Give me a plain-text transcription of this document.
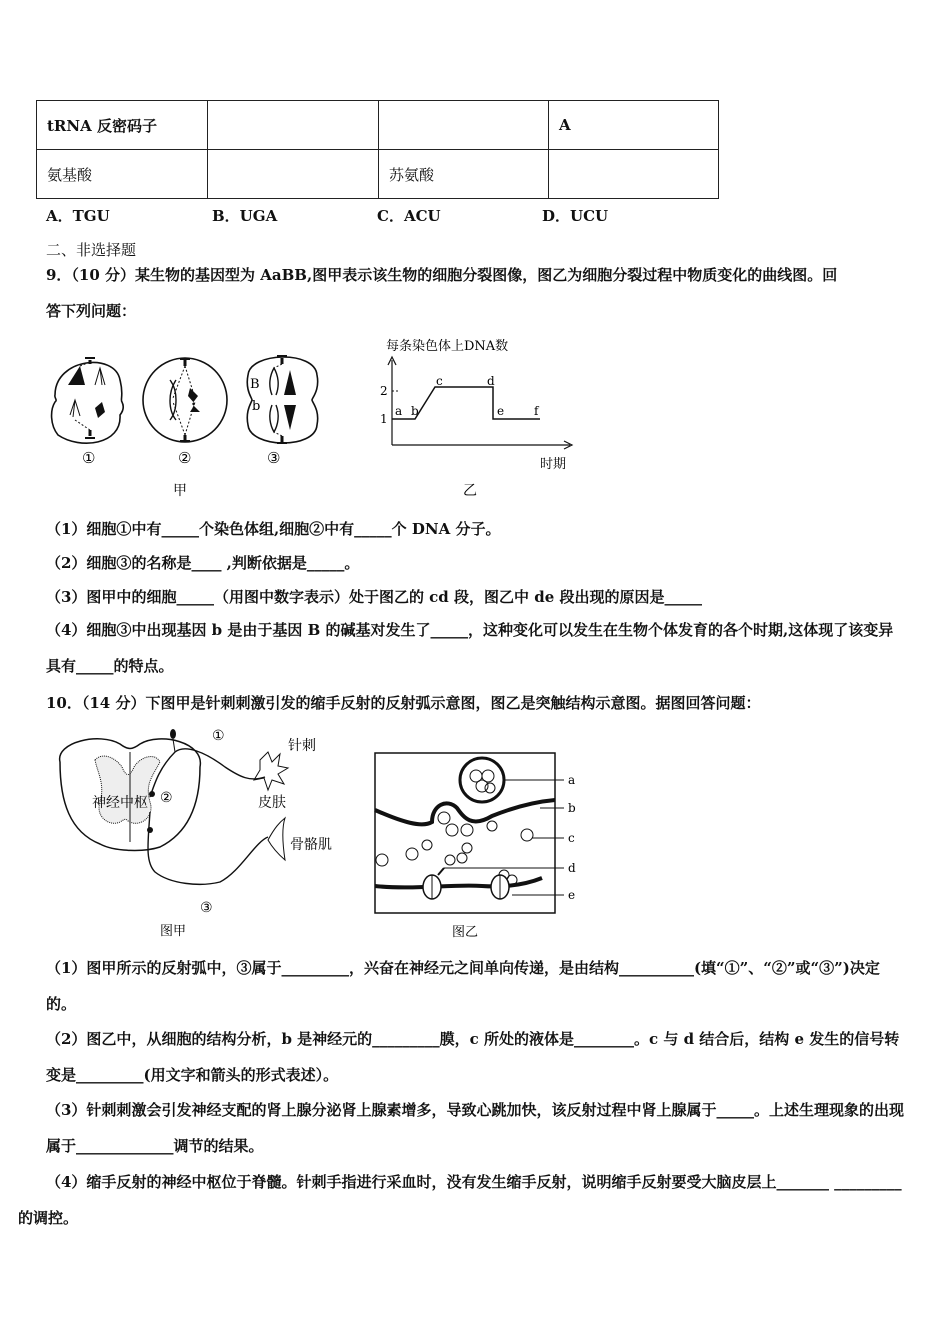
tRNA 反密码子			A
氨基酸		苏氨酸	
A．TGU	B．UGA	C．ACU	D．UCU
二、非选择题
9．（10 分）某生物的基因型为 AaBB,图甲表示该生物的细胞分裂图像，图乙为细胞分裂过程中物质变化的曲线图。回
答下列问题：
①	②
B
b
③
甲
每条染色体上DNA数
2
1
a b
c	d
e f
时期
乙
（1）细胞①中有_____个染色体组,细胞②中有_____个 DNA 分子。
（2）细胞③的名称是____ ,判断依据是_____。
（3）图甲中的细胞_____（用图中数字表示）处于图乙的 cd 段，图乙中 de 段出现的原因是_____
（4）细胞③中出现基因 b 是由于基因 B 的碱基对发生了_____，这种变化可以发生在生物个体发育的各个时期,这体现了该变异具有_____的特点。
10．（14 分）下图甲是针刺刺激引发的缩手反射的反射弧示意图，图乙是突触结构示意图。据图回答问题：
神经中枢
①
②
③
针刺
皮肤
骨骼肌
图甲
a
b
c
d
e
图乙
（1）图甲所示的反射弧中，③属于_________，兴奋在神经元之间单向传递，是由结构__________(填“①”、“②”或“③”)决定的。
（2）图乙中，从细胞的结构分析，b 是神经元的_________膜，c 所处的液体是________。c 与 d 结合后，结构 e 发生的信号转变是_________(用文字和箭头的形式表述）。
（3）针刺刺激会引发神经支配的肾上腺分泌肾上腺素增多，导致心跳加快，该反射过程中肾上腺属于_____。上述生理现象的出现属于_____________调节的结果。
（4）缩手反射的神经中枢位于脊髓。针刺手指进行采血时，没有发生缩手反射，说明缩手反射要受大脑皮层上_______ _________的调控。
